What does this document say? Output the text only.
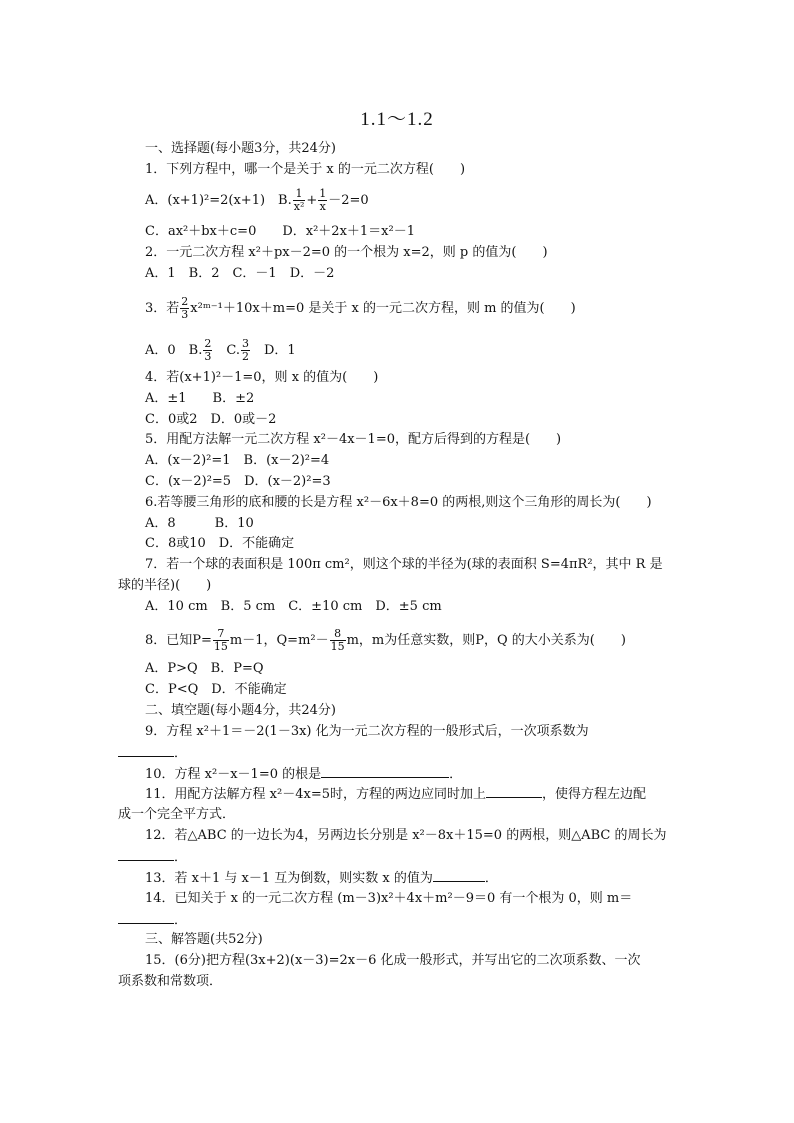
1.1～1.2
一、选择题(每小题3分，共24分)
1．下列方程中，哪一个是关于 x 的一元二次方程(　　)
A．(x+1)²=2(x+1)　B. $\frac{1}{\text{x²}} + \frac{1}{x} -2=0$
C．ax²＋bx＋c=0　　D．x²＋2x＋1＝x²－1
2．一元二次方程 x²＋px－2=0 的一个根为 x=2，则 p 的值为(　　)
A．1　B．2　C．－1　D．－2
3．若 $\frac{2}{3}$ x²ᵐ⁻¹＋10x＋m=0 是关于 x 的一元二次方程，则 m 的值为(　　)
A．0　B. $\frac{2}{3}$ 　C. $\frac{3}{2}$ 　D．1
4．若(x+1)²－1=0，则 x 的值为(　　)
A．±1　　B．±2
C．0或2　D．0或－2
5．用配方法解一元二次方程 x²－4x－1=0，配方后得到的方程是(　　)
A．(x－2)²=1　B．(x－2)²=4
C．(x－2)²=5　D．(x－2)²=3
6.若等腰三角形的底和腰的长是方程 x²－6x＋8=0 的两根,则这个三角形的周长为(　　)
A．8　　　B．10
C．8或10　D．不能确定
7．若一个球的表面积是 100π cm²，则这个球的半径为(球的表面积 S=4πR²，其中 R 是
球的半径)(　　)
A．10 cm　B．5 cm　C．±10 cm　D．±5 cm
8．已知$P= \frac{7}{15} m-1$，$Q=m^2- \frac{8}{15}$ m，m为任意实数，则P，Q 的大小关系为(　　)
A．P>Q　B．P=Q
C．P<Q　D．不能确定
二、填空题(每小题4分，共24分)
9．方程 x²＋1＝－2(1－3x) 化为一元二次方程的一般形式后，一次项系数为
．
10．方程 x²－x－1=0 的根是	．
11．用配方法解方程 x²－4x=5时，方程的两边应同时加上	，使得方程左边配
成一个完全平方式．
12．若△ABC 的一边长为4，另两边长分别是 x²－8x＋15=0 的两根，则△ABC 的周长为
．
13．若 x＋1 与 x－1 互为倒数，则实数 x 的值为	．
14．已知关于 x 的一元二次方程 (m－3)x²＋4x＋m²－9＝0 有一个根为 0，则 m＝
．
三、解答题(共52分)
15．(6分)把方程(3x+2)(x－3)=2x－6 化成一般形式，并写出它的二次项系数、一次
项系数和常数项．
